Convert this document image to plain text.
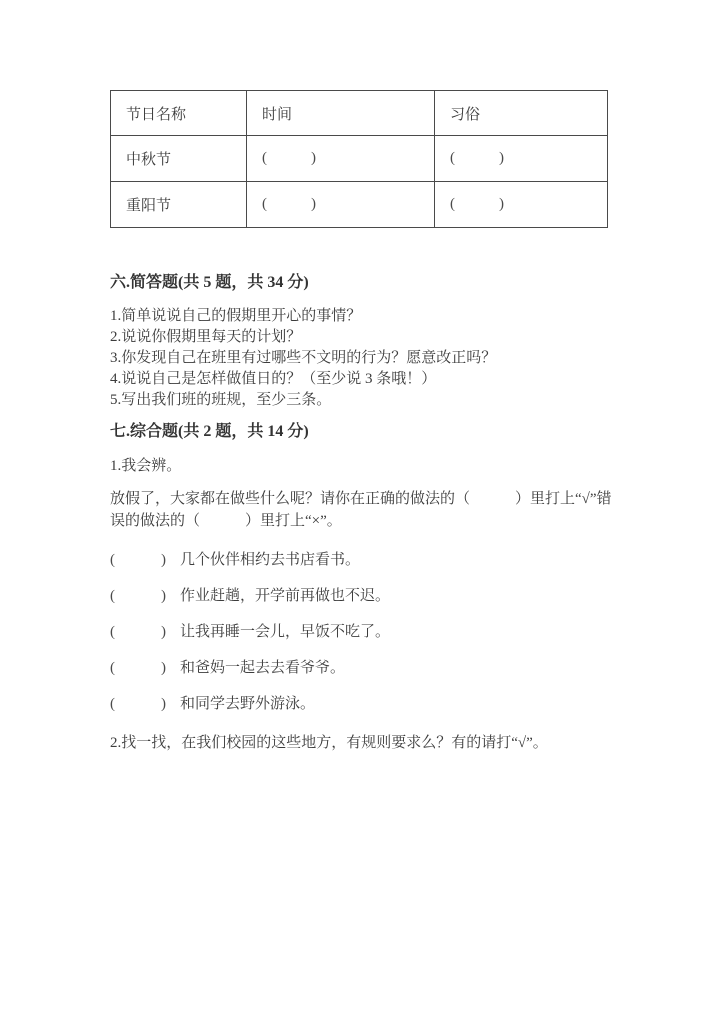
节日名称	时间	习俗
中秋节	( )	( )
重阳节	( )	( )
六.简答题(共 5 题，共 34 分)
1.简单说说自己的假期里开心的事情？
2.说说你假期里每天的计划？
3.你发现自己在班里有过哪些不文明的行为？愿意改正吗？
4.说说自己是怎样做值日的？（至少说 3 条哦！）
5.写出我们班的班规，至少三条。
七.综合题(共 2 题，共 14 分)
1.我会辨。
放假了，大家都在做些什么呢？请你在正确的做法的（　　　）里打上“√”错误的做法的（　　　）里打上“×”。
(	) 几个伙伴相约去书店看书。
(	) 作业赶趟，开学前再做也不迟。
(	) 让我再睡一会儿，早饭不吃了。
(	) 和爸妈一起去去看爷爷。
(	) 和同学去野外游泳。
2.找一找，在我们校园的这些地方，有规则要求么？有的请打“√”。
